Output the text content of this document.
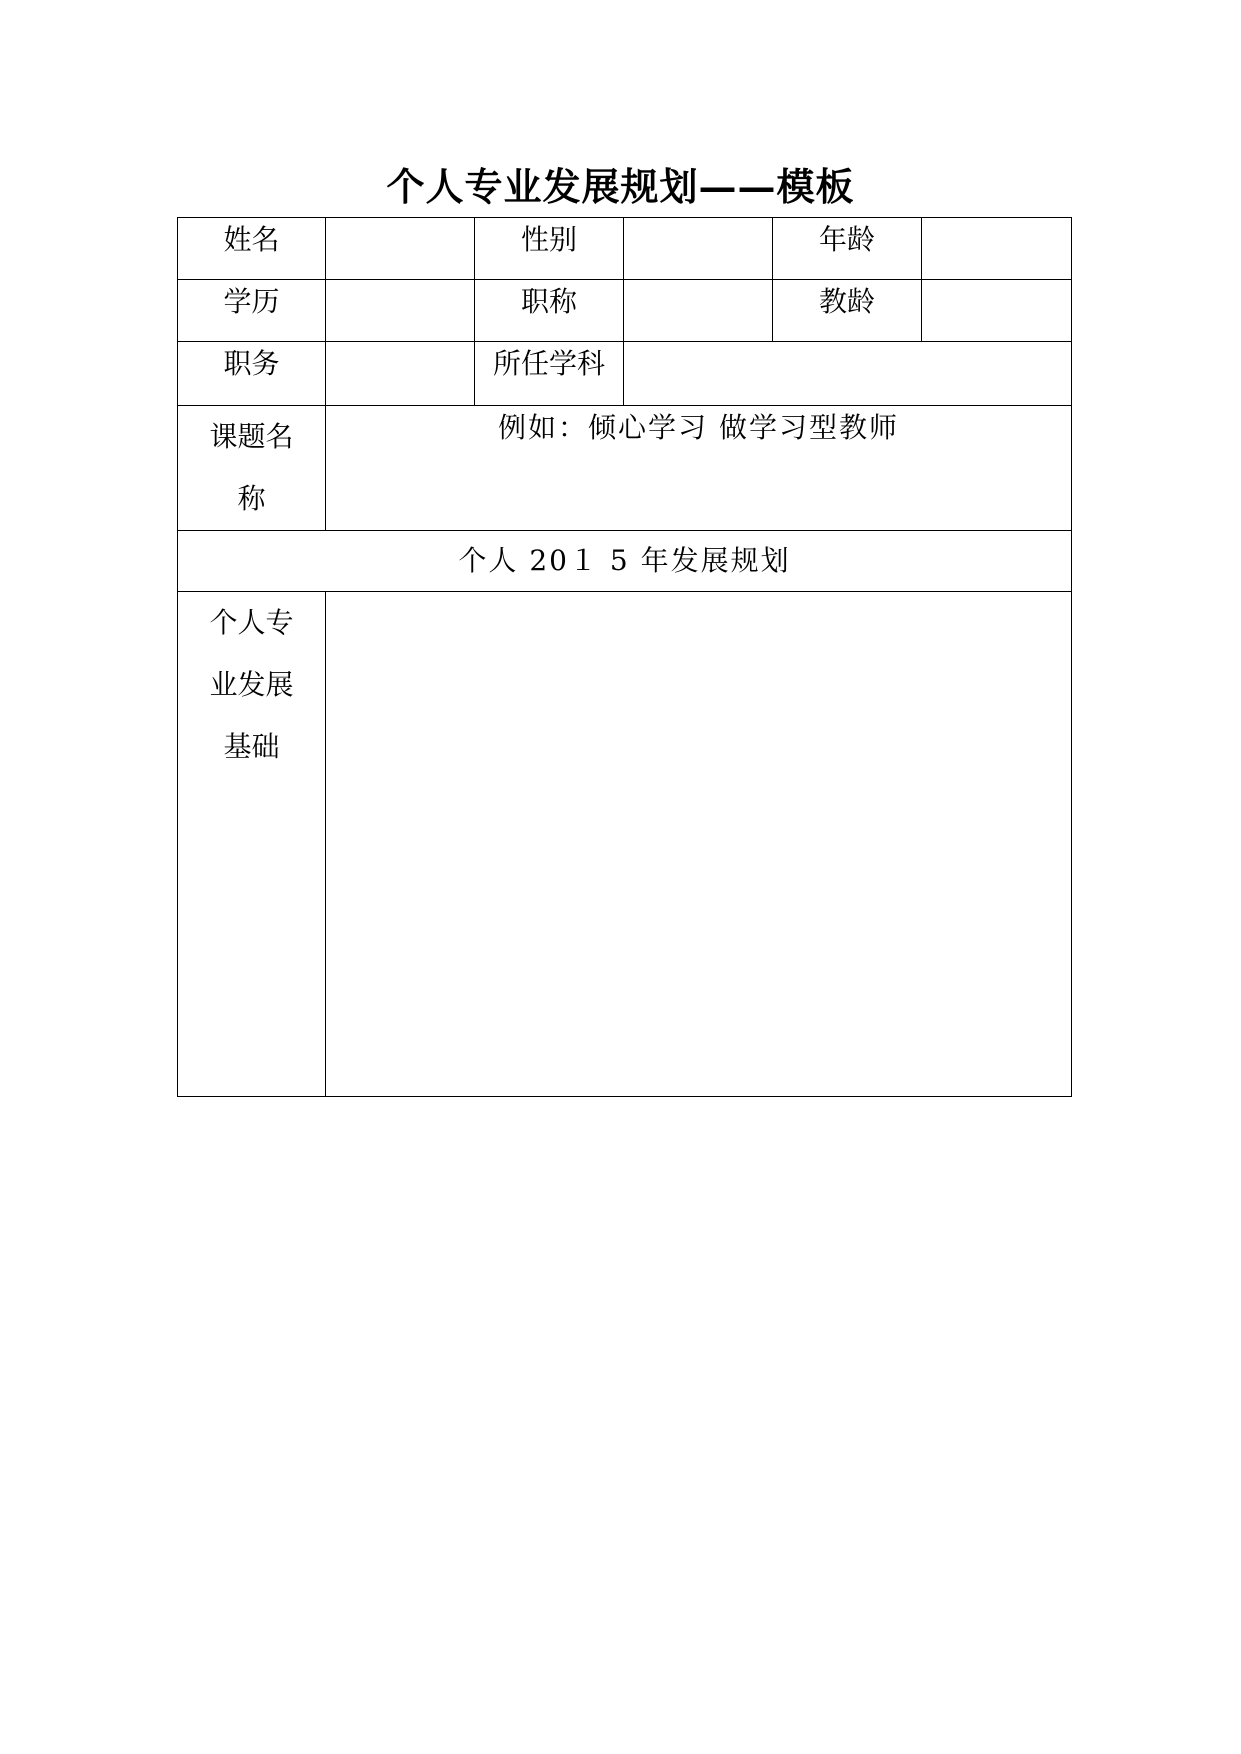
个人专业发展规划——模板
姓名		性别		年龄	
学历		职称		教龄	
职务		所任学科			

课题名
称	例如：倾心学习 做学习型教师				
个人 20１ 5 年发展规划					

个人专
业发展
基础					
